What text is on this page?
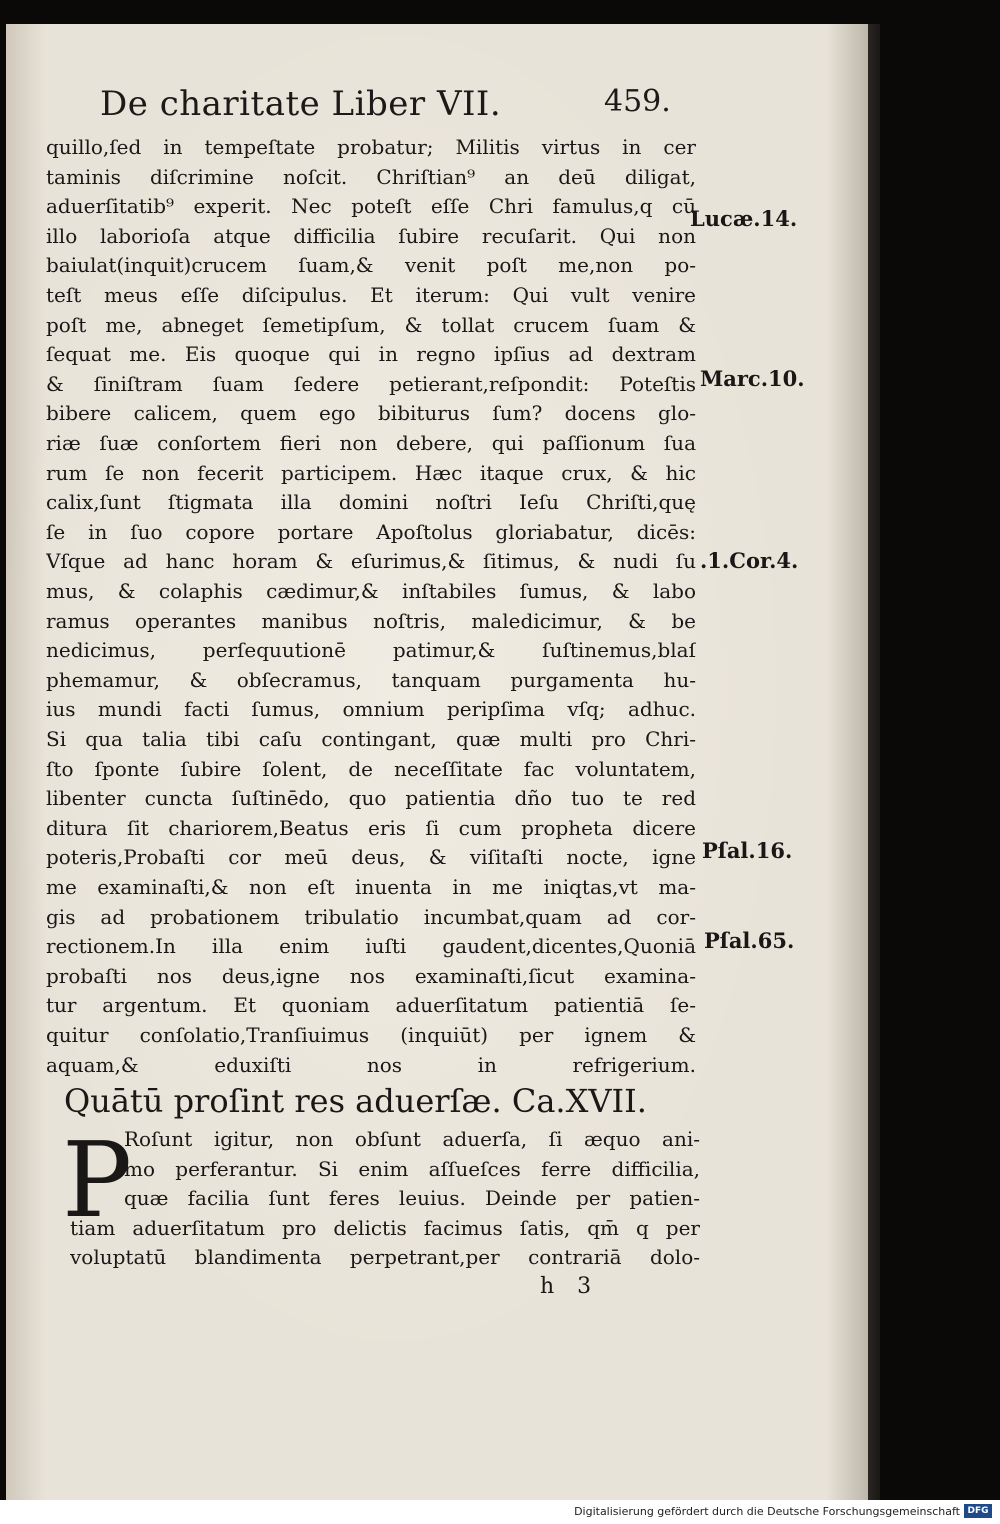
De charitate Liber VII.	459.
quillo,ſed in tempeſtate probatur; Militis virtus in cer
taminis diſcrimine noſcit. Chriſtian⁹ an deū diligat,
aduerſitatib⁹ experit. Nec poteſt eſſe Chri famulus,q cū
illo laborioſa atque difficilia ſubire recuſarit. Qui non
baiulat(inquit)crucem ſuam,& venit poſt me,non po-
teſt meus eſſe diſcipulus. Et iterum: Qui vult venire
poſt me, abneget ſemetipſum, & tollat crucem ſuam &
ſequat me. Eis quoque qui in regno ipſius ad dextram
& ſiniſtram ſuam ſedere petierant,reſpondit: Poteſtis
bibere calicem, quem ego bibiturus ſum? docens glo-
riæ ſuæ conſortem fieri non debere, qui paſſionum ſua
rum ſe non fecerit participem. Hæc itaque crux, & hic
calix,ſunt ſtigmata illa domini noſtri Ieſu Chriſti,quę
ſe in ſuo copore portare Apoſtolus gloriabatur, dicēs:
Vſque ad hanc horam & eſurimus,& ſitimus, & nudi ſu
mus, & colaphis cædimur,& inſtabiles ſumus, & labo
ramus operantes manibus noſtris, maledicimur, & be
nedicimus, perſequutionē patimur,& ſuſtinemus,blaſ
phemamur, & obſecramus, tanquam purgamenta hu-
ius mundi facti ſumus, omnium peripſima vſq; adhuc.
Si qua talia tibi caſu contingant, quæ multi pro Chri-
ſto ſponte ſubire ſolent, de neceſſitate fac voluntatem,
libenter cuncta ſuſtinēdo, quo patientia dño tuo te red
ditura ſit chariorem,Beatus eris ſi cum propheta dicere
poteris,Probaſti cor meū deus, & viſitaſti nocte, igne
me examinaſti,& non eſt inuenta in me iniqtas,vt ma-
gis ad probationem tribulatio incumbat,quam ad cor-
rectionem.In illa enim iuſti gaudent,dicentes,Quoniā
probaſti nos deus,igne nos examinaſti,ſicut examina-
tur argentum. Et quoniam aduerſitatum patientiā ſe-
quitur conſolatio,Tranſiuimus (inquiūt) per ignem &
aquam,& eduxiſti nos in refrigerium.
Lucæ.14.
Marc.10.
.1.Cor.4.
Pſal.16.
Pſal.65.
Quātū proſint res aduerſæ. Ca.XVII.
P
Roſunt igitur, non obſunt aduerſa, ſi æquo ani-
mo perferantur. Si enim aſſueſces ferre difficilia,
quæ facilia ſunt feres leuius. Deinde per patien-
tiam aduerſitatum pro delictis facimus ſatis, qm̄ q per
voluptatū blandimenta perpetrant,per contrariā dolo-
h 3
Digitalisierung gefördert durch die Deutsche Forschungsgemeinschaft DFG
